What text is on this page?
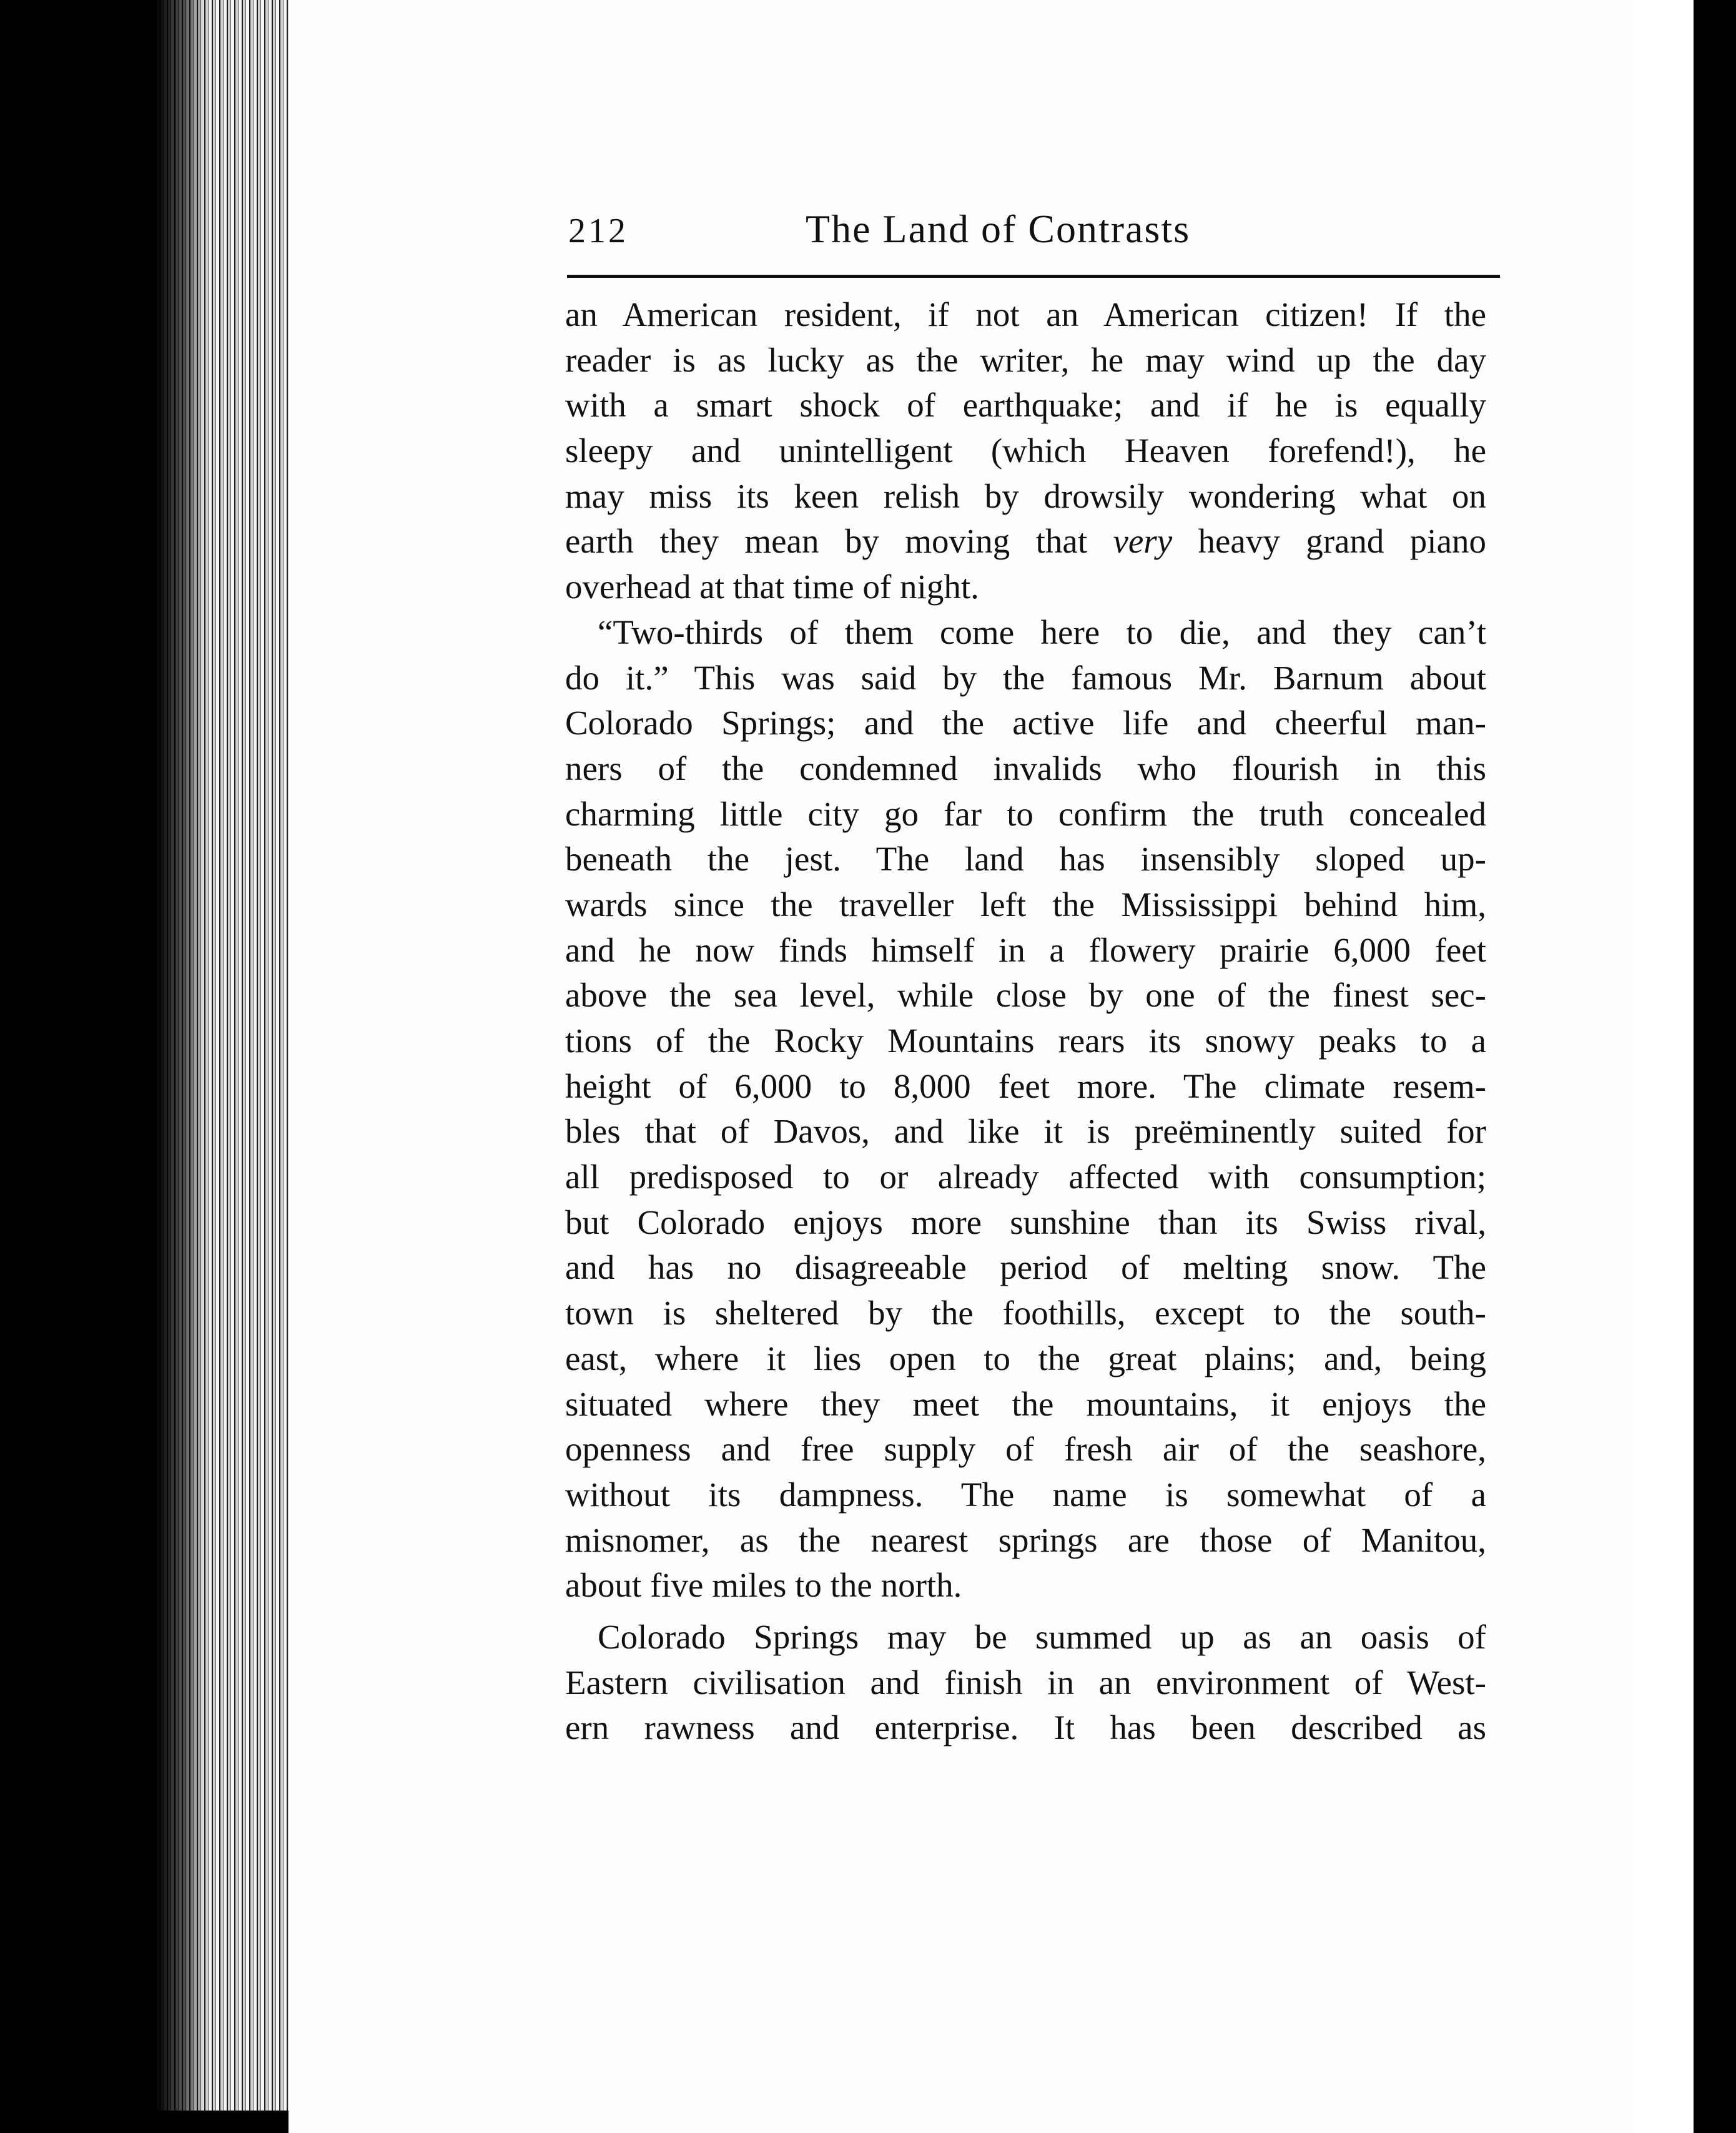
212	The Land of Contrasts
an American resident, if not an American citizen! If the
reader is as lucky as the writer, he may wind up the day
with a smart shock of earthquake; and if he is equally
sleepy and unintelligent (which Heaven forefend!), he
may miss its keen relish by drowsily wondering what on
earth they mean by moving that very heavy grand piano
overhead at that time of night.
“Two-thirds of them come here to die, and they can’t
do it.” This was said by the famous Mr. Barnum about
Colorado Springs; and the active life and cheerful man-
ners of the condemned invalids who flourish in this
charming little city go far to confirm the truth concealed
beneath the jest. The land has insensibly sloped up-
wards since the traveller left the Mississippi behind him,
and he now finds himself in a flowery prairie 6,000 feet
above the sea level, while close by one of the finest sec-
tions of the Rocky Mountains rears its snowy peaks to a
height of 6,000 to 8,000 feet more. The climate resem-
bles that of Davos, and like it is preëminently suited for
all predisposed to or already affected with consumption;
but Colorado enjoys more sunshine than its Swiss rival,
and has no disagreeable period of melting snow. The
town is sheltered by the foothills, except to the south-
east, where it lies open to the great plains; and, being
situated where they meet the mountains, it enjoys the
openness and free supply of fresh air of the seashore,
without its dampness. The name is somewhat of a
misnomer, as the nearest springs are those of Manitou,
about five miles to the north.
Colorado Springs may be summed up as an oasis of
Eastern civilisation and finish in an environment of West-
ern rawness and enterprise. It has been described as
